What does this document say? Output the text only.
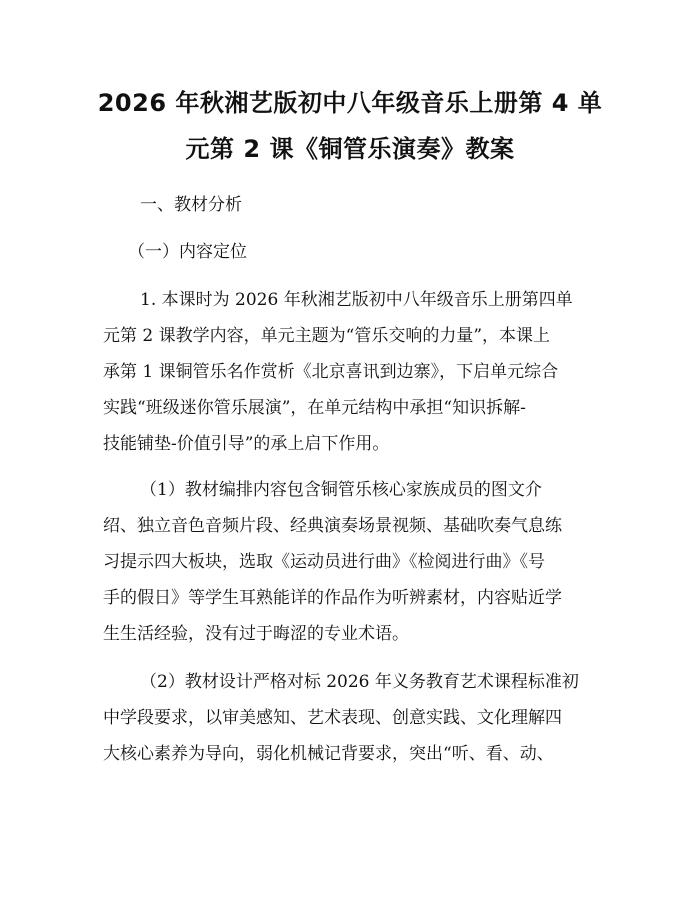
2026 年秋湘艺版初中八年级音乐上册第 4 单
元第 2 课《铜管乐演奏》教案
一、教材分析
（一）内容定位
1. 本课时为 2026 年秋湘艺版初中八年级音乐上册第四单
元第 2 课教学内容，单元主题为“管乐交响的力量”，本课上
承第 1 课铜管乐名作赏析《北京喜讯到边寨》，下启单元综合
实践“班级迷你管乐展演”，在单元结构中承担“知识拆解-
技能铺垫-价值引导”的承上启下作用。
（1）教材编排内容包含铜管乐核心家族成员的图文介
绍、独立音色音频片段、经典演奏场景视频、基础吹奏气息练
习提示四大板块，选取《运动员进行曲》《检阅进行曲》《号
手的假日》等学生耳熟能详的作品作为听辨素材，内容贴近学
生生活经验，没有过于晦涩的专业术语。
（2）教材设计严格对标 2026 年义务教育艺术课程标准初
中学段要求，以审美感知、艺术表现、创意实践、文化理解四
大核心素养为导向，弱化机械记背要求，突出“听、看、动、
